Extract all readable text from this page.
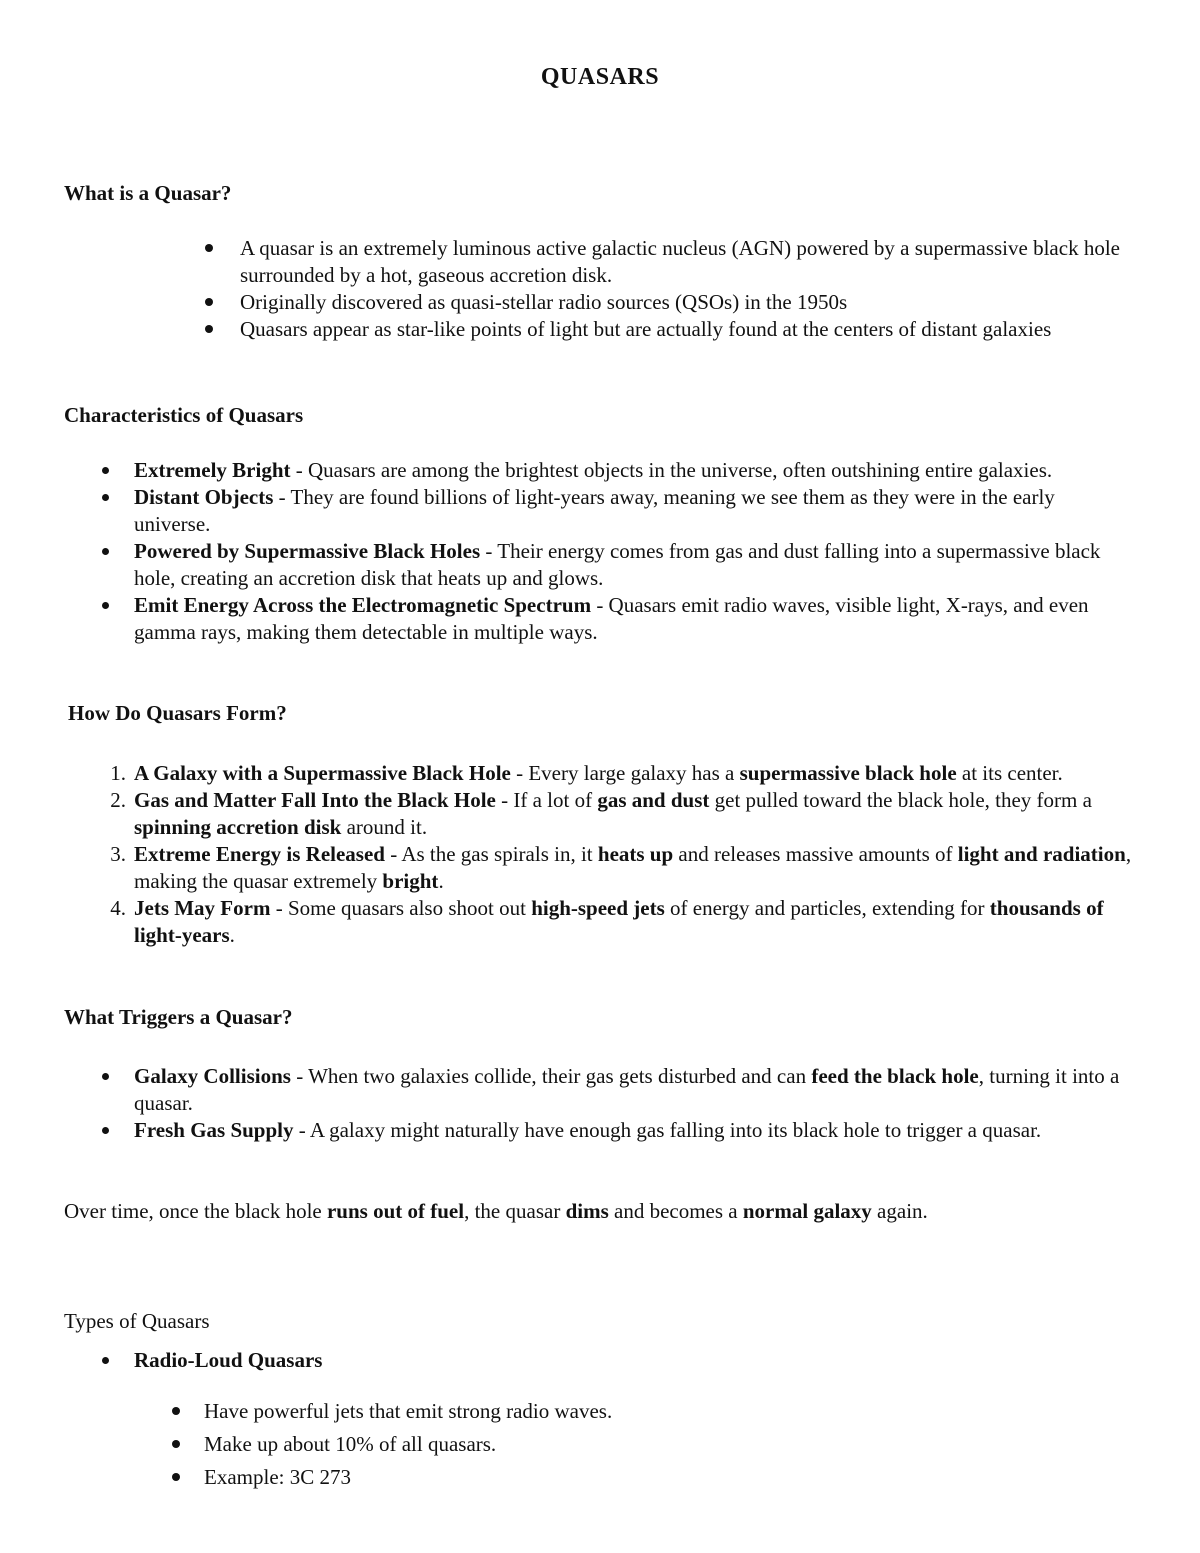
QUASARS
What is a Quasar?
A quasar is an extremely luminous active galactic nucleus (AGN) powered by a supermassive black hole surrounded by a hot, gaseous accretion disk.
Originally discovered as quasi-stellar radio sources (QSOs) in the 1950s
Quasars appear as star-like points of light but are actually found at the centers of distant galaxies
Characteristics of Quasars
Extremely Bright - Quasars are among the brightest objects in the universe, often outshining entire galaxies.
Distant Objects - They are found billions of light-years away, meaning we see them as they were in the early universe.
Powered by Supermassive Black Holes - Their energy comes from gas and dust falling into a supermassive black hole, creating an accretion disk that heats up and glows.
Emit Energy Across the Electromagnetic Spectrum - Quasars emit radio waves, visible light, X-rays, and even gamma rays, making them detectable in multiple ways.
How Do Quasars Form?
1. A Galaxy with a Supermassive Black Hole - Every large galaxy has a supermassive black hole at its center.
2. Gas and Matter Fall Into the Black Hole - If a lot of gas and dust get pulled toward the black hole, they form a spinning accretion disk around it.
3. Extreme Energy is Released - As the gas spirals in, it heats up and releases massive amounts of light and radiation, making the quasar extremely bright.
4. Jets May Form - Some quasars also shoot out high-speed jets of energy and particles, extending for thousands of light-years.
What Triggers a Quasar?
Galaxy Collisions - When two galaxies collide, their gas gets disturbed and can feed the black hole, turning it into a quasar.
Fresh Gas Supply - A galaxy might naturally have enough gas falling into its black hole to trigger a quasar.
Over time, once the black hole runs out of fuel, the quasar dims and becomes a normal galaxy again.
Types of Quasars
Radio-Loud Quasars
Have powerful jets that emit strong radio waves.
Make up about 10% of all quasars.
Example: 3C 273
